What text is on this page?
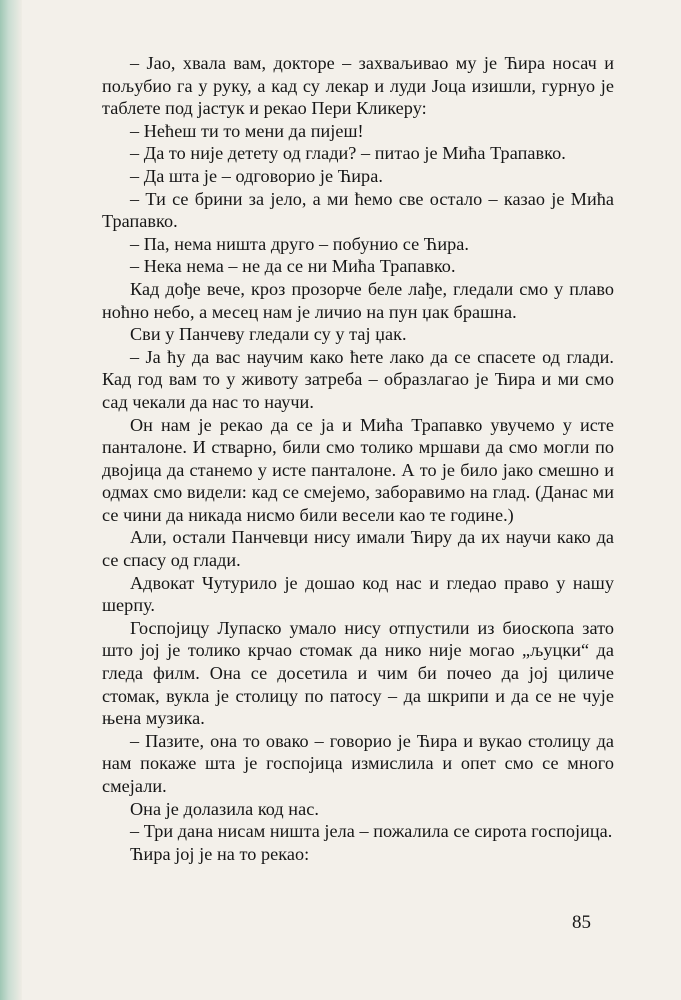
– Јао, хвала вам, докторе – захваљивао му је Ћира носач и пољубио га у руку, а кад су лекар и луди Јоца изишли, гурнуо је таблете под јастук и рекао Пери Кликеру:

– Нећеш ти то мени да пијеш!

– Да то није детету од глади? – питао је Мића Трапавко.

– Да шта је – одговорио је Ћира.

– Ти се брини за јело, а ми ћемо све остало – казао је Мића Трапавко.

– Па, нема ништа друго – побунио се Ћира.

– Нека нема – не да се ни Мића Трапавко.

Кад дође вече, кроз прозорче беле лађе, гледали смо у плаво ноћно небо, а месец нам је личио на пун џак брашна.

Сви у Панчеву гледали су у тај џак.

– Ја ћу да вас научим како ћете лако да се спасете од глади. Кад год вам то у животу затреба – образлагао је Ћира и ми смо сад чекали да нас то научи.

Он нам је рекао да се ја и Мића Трапавко увучемо у исте панталоне. И стварно, били смо толико мршави да смо могли по двојица да станемо у исте панталоне. А то је било јако смешно и одмах смо видели: кад се смејемо, заборавимо на глад. (Данас ми се чини да никада нисмо били весели као те године.)

Али, остали Панчевци нису имали Ћиру да их научи како да се спасу од глади.

Адвокат Чутурило је дошао код нас и гледао право у нашу шерпу.

Госпојицу Лупаско умало нису отпустили из биоскопа зато што јој је толико крчао стомак да нико није могао „љуцки“ да гледа филм. Она се досетила и чим би почео да јој циличе стомак, вукла је столицу по патосу – да шкрипи и да се не чује њена музика.

– Пазите, она то овако – говорио је Ћира и вукао столицу да нам покаже шта је госпојица измислила и опет смо се много смејали.

Она је долазила код нас.

– Три дана нисам ништа јела – пожалила се сирота госпојица.

Ћира јој је на то рекао:

85
